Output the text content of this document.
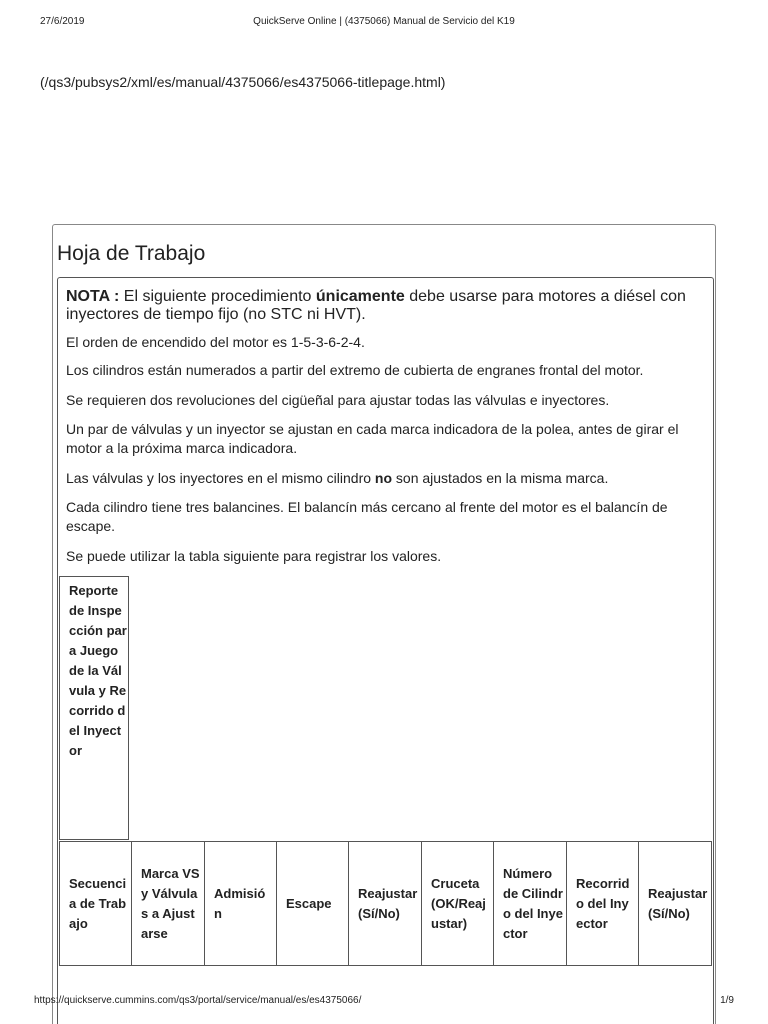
27/6/2019	QuickServe Online | (4375066) Manual de Servicio del K19
(/qs3/pubsys2/xml/es/manual/4375066/es4375066-titlepage.html)
Hoja de Trabajo

NOTA : El siguiente procedimiento únicamente debe usarse para motores a diésel con inyectores de tiempo fijo (no STC ni HVT).

El orden de encendido del motor es 1-5-3-6-2-4.

Los cilindros están numerados a partir del extremo de cubierta de engranes frontal del motor.

Se requieren dos revoluciones del cigüeñal para ajustar todas las válvulas e inyectores.

Un par de válvulas y un inyector se ajustan en cada marca indicadora de la polea, antes de girar el motor a la próxima marca indicadora.

Las válvulas y los inyectores en el mismo cilindro no son ajustados en la misma marca.

Cada cilindro tiene tres balancines. El balancín más cercano al frente del motor es el balancín de escape.

Se puede utilizar la tabla siguiente para registrar los valores.

Reporte de Inspección para Juego de la Válvula y Recorrido del Inyector
Secuencia de Trabajo	Marca VS y Válvulas a Ajustarse	Admisión	Escape	Reajustar (Sí/No)	Cruceta (OK/Reajustar)	Número de Cilindro del Inyector	Recorrido del Inyector	Reajustar (Sí/No)
https://quickserve.cummins.com/qs3/portal/service/manual/es/es4375066/	1/9
